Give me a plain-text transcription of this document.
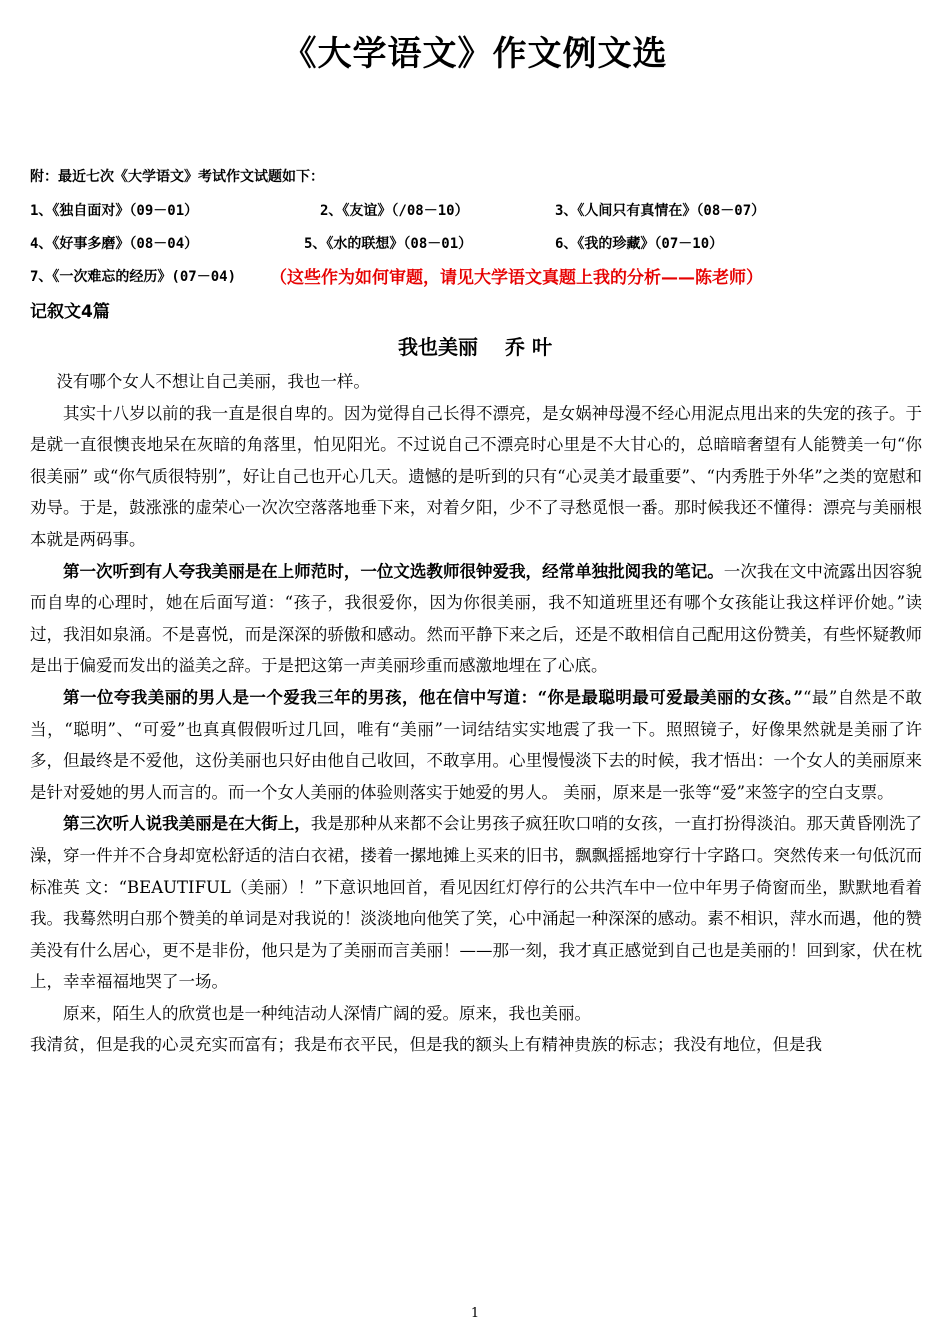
《大学语文》作文例文选
附：最近七次《大学语文》考试作文试题如下：
1、《独自面对》（09－01）	2、《友谊》（/08－10）	3、《人间只有真情在》（08－07）
4、《好事多磨》（08－04）	5、《水的联想》（08－01）	6、《我的珍藏》（07－10）
7、《一次难忘的经历》(07－04) （这些作为如何审题，请见大学语文真题上我的分析——陈老师）
记叙文4篇
我也美丽 乔 叶

没有哪个女人不想让自己美丽，我也一样。

其实十八岁以前的我一直是很自卑的。因为觉得自己长得不漂亮，是女娲神母漫不经心用泥点甩出来的失宠的孩子。于是就一直很懊丧地呆在灰暗的角落里，怕见阳光。不过说自己不漂亮时心里是不大甘心的，总暗暗奢望有人能赞美一句“你很美丽” 或“你气质很特别”，好让自己也开心几天。遗憾的是听到的只有“心灵美才最重要”、“内秀胜于外华”之类的宽慰和劝导。于是，鼓涨涨的虚荣心一次次空落落地垂下来，对着夕阳，少不了寻愁觅恨一番。那时候我还不懂得：漂亮与美丽根本就是两码事。

第一次听到有人夸我美丽是在上师范时，一位文选教师很钟爱我，经常单独批阅我的笔记。一次我在文中流露出因容貌而自卑的心理时，她在后面写道：“孩子，我很爱你，因为你很美丽，我不知道班里还有哪个女孩能让我这样评价她。”读过，我泪如泉涌。不是喜悦，而是深深的骄傲和感动。然而平静下来之后，还是不敢相信自己配用这份赞美，有些怀疑教师是出于偏爱而发出的溢美之辞。于是把这第一声美丽珍重而感激地埋在了心底。

第一位夸我美丽的男人是一个爱我三年的男孩，他在信中写道：“你是最聪明最可爱最美丽的女孩。”“最”自然是不敢当，“聪明”、“可爱”也真真假假听过几回，唯有“美丽”一词结结实实地震了我一下。照照镜子，好像果然就是美丽了许多，但最终是不爱他，这份美丽也只好由他自己收回，不敢享用。心里慢慢淡下去的时候，我才悟出：一个女人的美丽原来是针对爱她的男人而言的。而一个女人美丽的体验则落实于她爱的男人。 美丽，原来是一张等“爱”来签字的空白支票。

第三次听人说我美丽是在大街上，我是那种从来都不会让男孩子疯狂吹口哨的女孩，一直打扮得淡泊。那天黄昏刚洗了澡，穿一件并不合身却宽松舒适的洁白衣裙，搂着一摞地摊上买来的旧书，飘飘摇摇地穿行十字路口。突然传来一句低沉而标准英 文：“BEAUTIFUL（美丽）！”下意识地回首，看见因红灯停行的公共汽车中一位中年男子倚窗而坐，默默地看着我。我蓦然明白那个赞美的单词是对我说的！淡淡地向他笑了笑，心中涌起一种深深的感动。素不相识，萍水而遇，他的赞美没有什么居心，更不是非份，他只是为了美丽而言美丽！——那一刻，我才真正感觉到自己也是美丽的！回到家，伏在枕上，幸幸福福地哭了一场。

原来，陌生人的欣赏也是一种纯洁动人深情广阔的爱。原来，我也美丽。

我清贫，但是我的心灵充实而富有；我是布衣平民，但是我的额头上有精神贵族的标志；我没有地位，但是我

1
